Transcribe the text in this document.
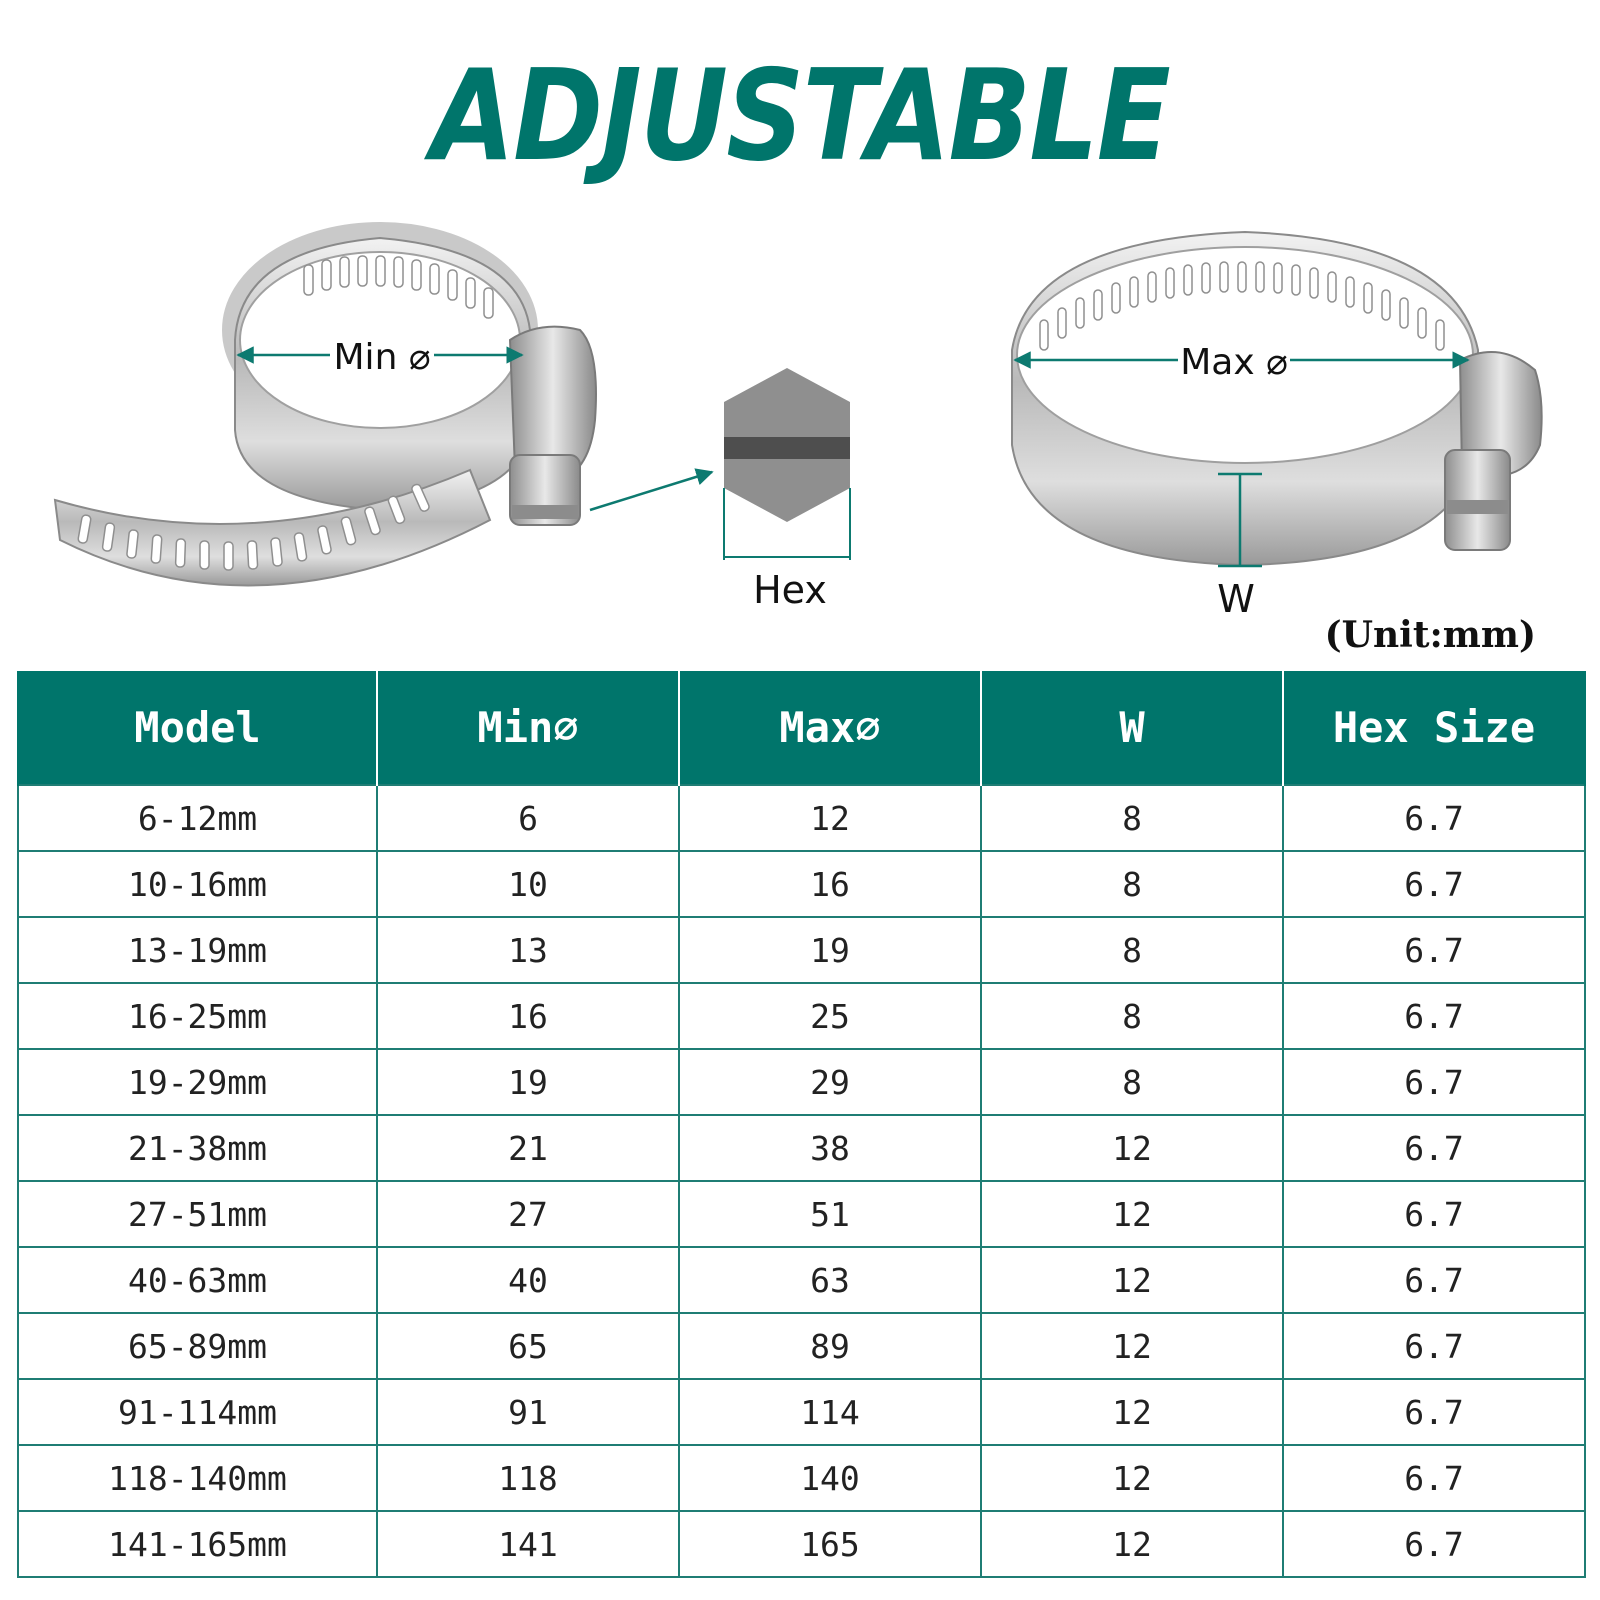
ADJUSTABLE
Min ⌀
Hex
Max ⌀
W
(Unit:mm)
Model	Min⌀	Max⌀	W	Hex Size
6-12mm	6	12	8	6.7
10-16mm	10	16	8	6.7
13-19mm	13	19	8	6.7
16-25mm	16	25	8	6.7
19-29mm	19	29	8	6.7
21-38mm	21	38	12	6.7
27-51mm	27	51	12	6.7
40-63mm	40	63	12	6.7
65-89mm	65	89	12	6.7
91-114mm	91	114	12	6.7
118-140mm	118	140	12	6.7
141-165mm	141	165	12	6.7
